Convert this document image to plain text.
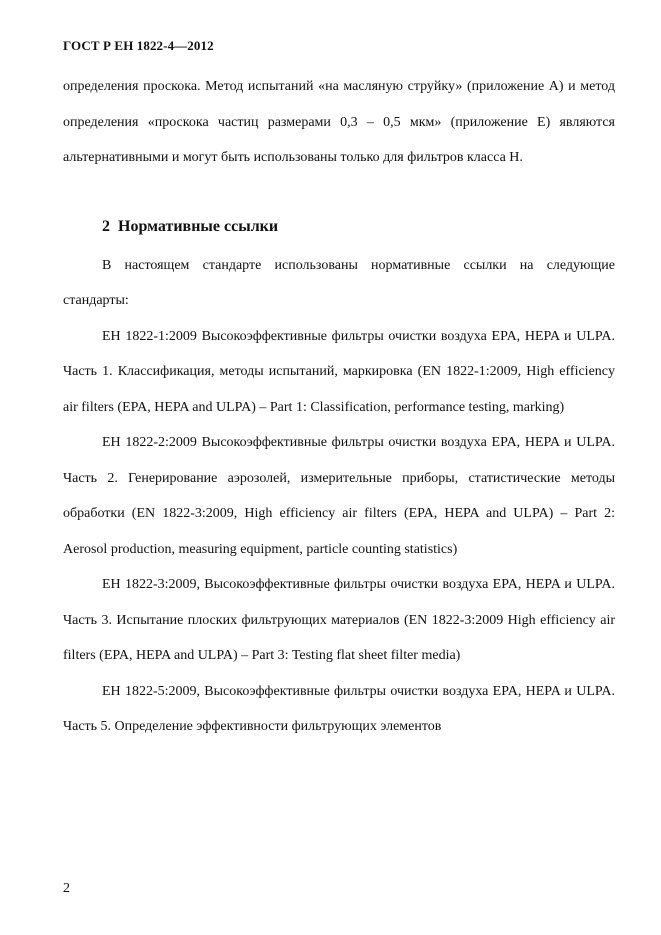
ГОСТ Р ЕН 1822-4—2012

определения проскока. Метод испытаний «на масляную струйку» (приложение А) и метод определения «проскока частиц размерами 0,3 – 0,5 мкм» (приложение Е) являются альтернативными и могут быть использованы только для фильтров класса Н.

2 Нормативные ссылки

В настоящем стандарте использованы нормативные ссылки на следующие стандарты:

ЕН 1822-1:2009 Высокоэффективные фильтры очистки воздуха EPA, HEPA и ULPA. Часть 1. Классификация, методы испытаний, маркировка (EN 1822-1:2009, High efficiency air filters (EPA, HEPA and ULPA) – Part 1: Classification, performance testing, marking)

ЕН 1822-2:2009 Высокоэффективные фильтры очистки воздуха EPA, HEPA и ULPA. Часть 2. Генерирование аэрозолей, измерительные приборы, статистические методы обработки (EN 1822-3:2009, High efficiency air filters (EPA, HEPA and ULPA) – Part 2: Aerosol production, measuring equipment, particle counting statistics)

ЕН 1822-3:2009, Высокоэффективные фильтры очистки воздуха EPA, HEPA и ULPA. Часть 3. Испытание плоских фильтрующих материалов (EN 1822-3:2009 High efficiency air filters (EPA, HEPA and ULPA) – Part 3: Testing flat sheet filter media)

ЕН 1822-5:2009, Высокоэффективные фильтры очистки воздуха EPA, HEPA и ULPA. Часть 5. Определение эффективности фильтрующих элементов

2
